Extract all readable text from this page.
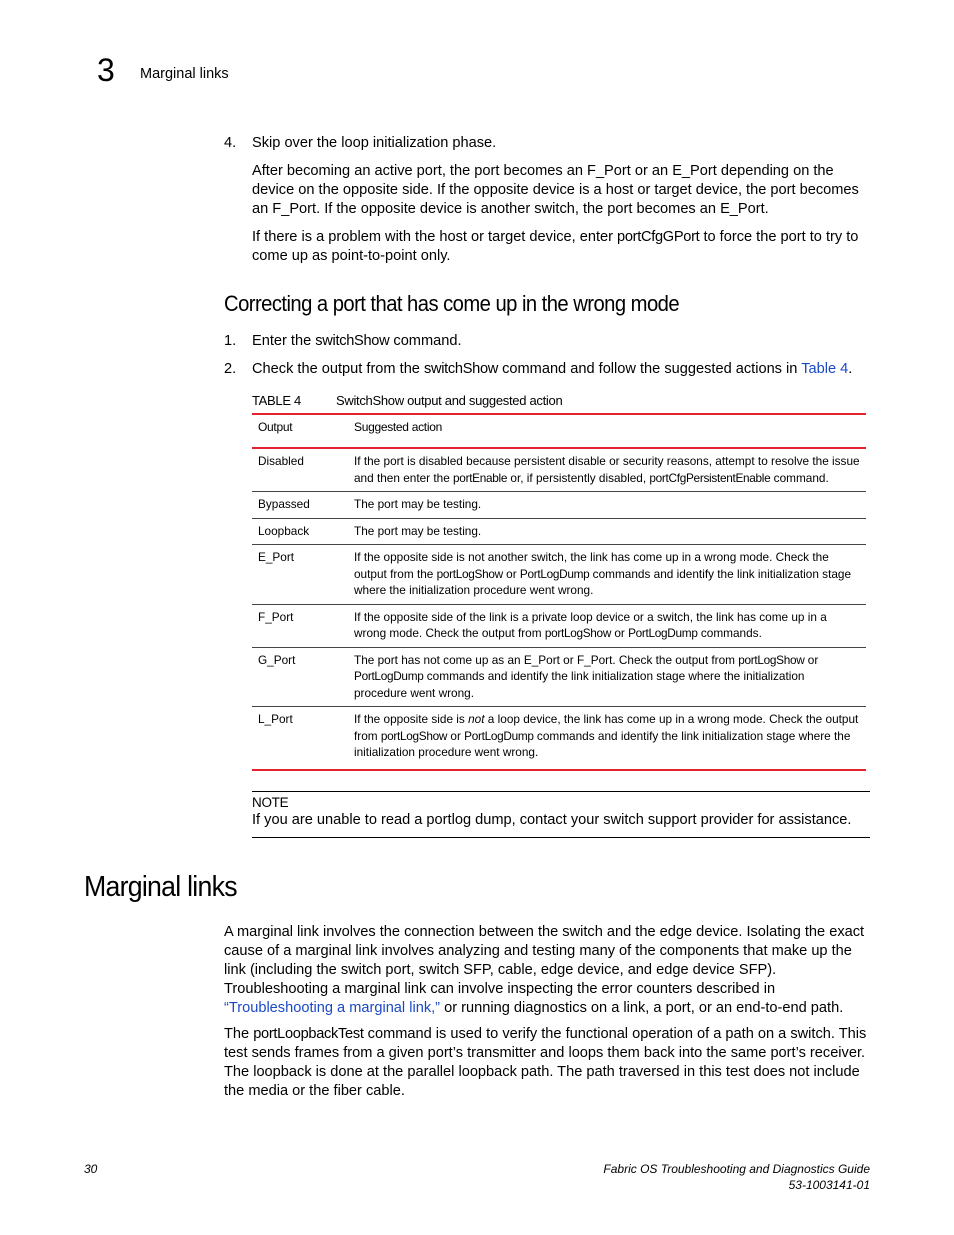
3 Marginal links
4. Skip over the loop initialization phase.
After becoming an active port, the port becomes an F_Port or an E_Port depending on the device on the opposite side. If the opposite device is a host or target device, the port becomes an F_Port. If the opposite device is another switch, the port becomes an E_Port.
If there is a problem with the host or target device, enter portCfgGPort to force the port to try to come up as point-to-point only.
Correcting a port that has come up in the wrong mode
1. Enter the switchShow command.
2. Check the output from the switchShow command and follow the suggested actions in Table 4.
TABLE 4	SwitchShow output and suggested action
Output	Suggested action
Disabled	If the port is disabled because persistent disable or security reasons, attempt to resolve the issue and then enter the portEnable or, if persistently disabled, portCfgPersistentEnable command.
Bypassed	The port may be testing.
Loopback	The port may be testing.
E_Port	If the opposite side is not another switch, the link has come up in a wrong mode. Check the output from the portLogShow or PortLogDump commands and identify the link initialization stage where the initialization procedure went wrong.
F_Port	If the opposite side of the link is a private loop device or a switch, the link has come up in a wrong mode. Check the output from portLogShow or PortLogDump commands.
G_Port	The port has not come up as an E_Port or F_Port. Check the output from portLogShow or PortLogDump commands and identify the link initialization stage where the initialization procedure went wrong.
L_Port	If the opposite side is not a loop device, the link has come up in a wrong mode. Check the output from portLogShow or PortLogDump commands and identify the link initialization stage where the initialization procedure went wrong.
NOTE
If you are unable to read a portlog dump, contact your switch support provider for assistance.
Marginal links
A marginal link involves the connection between the switch and the edge device. Isolating the exact cause of a marginal link involves analyzing and testing many of the components that make up the link (including the switch port, switch SFP, cable, edge device, and edge device SFP). Troubleshooting a marginal link can involve inspecting the error counters described in “Troubleshooting a marginal link,” or running diagnostics on a link, a port, or an end-to-end path.
The portLoopbackTest command is used to verify the functional operation of a path on a switch. This test sends frames from a given port’s transmitter and loops them back into the same port’s receiver. The loopback is done at the parallel loopback path. The path traversed in this test does not include the media or the fiber cable.
30	Fabric OS Troubleshooting and Diagnostics Guide
53-1003141-01
